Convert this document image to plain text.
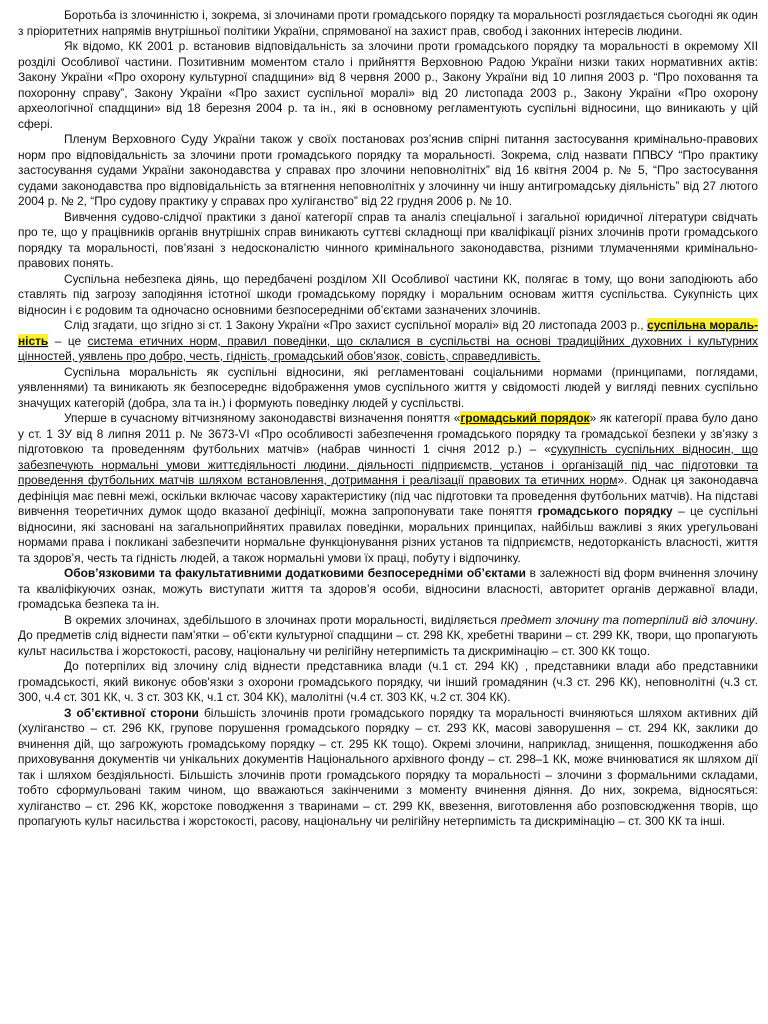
Боротьба із злочинністю і, зокрема, зі злочинами проти громадського порядку та моральності розглядається сьогодні як один з пріоритетних напрямів внутрішньої політики України, спрямованої на захист прав, свобод і законних інтересів людини.

Як відомо, КК 2001 р. встановив відповідальність за злочини проти громадського порядку та моральності в окремому XII розділі Особливої частини. Позитивним моментом стало і прийняття Верховною Радою України низки таких нормативних актів: Закону України «Про охорону культурної спадщини» від 8 червня 2000 р., Закону України від 10 липня 2003 р. “Про поховання та похоронну справу”, Закону України «Про захист суспільної моралі» від 20 листопада 2003 р., Закону України «Про охорону археологічної спадщини» від 18 березня 2004 р. та ін., які в основному регламентують суспільні відносини, що виникають у цій сфері.

Пленум Верховного Суду України також у своїх постановах роз’яснив спірні питання застосування кримінально-правових норм про відповідальність за злочини проти громадського порядку та моральності. Зокрема, слід назвати ППВСУ “Про практику застосування судами України законодавства у справах про злочини неповнолітніх” від 16 квітня 2004 р. № 5, “Про застосування судами законодавства про відповідальність за втягнення неповнолітніх у злочинну чи іншу антигромадську діяльність” від 27 лютого 2004 р. № 2, “Про судову практику у справах про хуліганство” від 22 грудня 2006 р. № 10.

Вивчення судово-слідчої практики з даної категорії справ та аналіз спеціальної і загальної юридичної літератури свідчать про те, що у працівників органів внутрішніх справ виникають суттєві складнощі при кваліфікації різних злочинів проти громадського порядку та моральності, пов’язані з недосконалістю чинного кримінального законодавства, різними тлумаченнями кримінально-правових понять.

Суспільна небезпека діянь, що передбачені розділом XII Особливої частини КК, полягає в тому, що вони заподіюють або ставлять під загрозу заподіяння істотної шкоди громадському порядку і моральним основам життя суспільства. Сукупність цих відносин і є родовим та одночасно основними безпосередніми об’єктами зазначених злочинів.

Слід згадати, що згідно зі ст. 1 Закону України «Про захист суспільної моралі» від 20 листопада 2003 р., суспільна моральність – це система етичних норм, правил поведінки, що склалися в суспільстві на основі традиційних духовних і культурних цінностей, уявлень про добро, честь, гідність, громадський обов’язок, совість, справедливість.

Суспільна моральність як суспільні відносини, які регламентовані соціальними нормами (принципами, поглядами, уявленнями) та виникають як безпосереднє відображення умов суспільного життя у свідомості людей у вигляді певних суспільно значущих категорій (добра, зла та ін.) і формують поведінку людей у суспільстві.

Уперше в сучасному вітчизняному законодавстві визначення поняття «громадський порядок» як категорії права було дано у ст. 1 ЗУ від 8 липня 2011 р. № 3673-VI «Про особливості забезпечення громадського порядку та громадської безпеки у зв’язку з підготовкою та проведенням футбольних матчів» (набрав чинності 1 січня 2012 р.) – «сукупність суспільних відносин, що забезпечують нормальні умови життєдіяльності людини, діяльності підприємств, установ і організацій під час підготовки та проведення футбольних матчів шляхом встановлення, дотримання і реалізації правових та етичних норм». Однак ця законодавча дефініція має певні межі, оскільки включає часову характеристику (під час підготовки та проведення футбольних матчів). На підставі вивчення теоретичних думок щодо вказаної дефініції, можна запропонувати таке поняття громадського порядку – це суспільні відносини, які засновані на загальноприйнятих правилах поведінки, моральних принципах, найбільш важливі з яких урегульовані нормами права і покликані забезпечити нормальне функціонування різних установ та підприємств, недоторканість власності, життя та здоров’я, честь та гідність людей, а також нормальні умови їх праці, побуту і відпочинку.

Обов’язковими та факультативними додатковими безпосередніми об’єктами в залежності від форм вчинення злочину та кваліфікуючих ознак, можуть виступати життя та здоров’я особи, відносини власності, авторитет органів державної влади, громадська безпека та ін.

В окремих злочинах, здебільшого в злочинах проти моральності, виділяється предмет злочину та потерпілий від злочину. До предметів слід віднести пам’ятки – об’єкти культурної спадщини – ст. 298 КК, хребетні тварини – ст. 299 КК, твори, що пропагують культ насильства і жорстокості, расову, національну чи релігійну нетерпимість та дискримінацію – ст. 300 КК тощо.

До потерпілих від злочину слід віднести представника влади (ч.1 ст. 294 КК) , представники влади або представники громадськості, який виконує обов'язки з охорони громадського порядку, чи інший громадянин (ч.3 ст. 296 КК), неповнолітні (ч.3 ст. 300, ч.4 ст. 301 КК, ч. 3 ст. 303 КК, ч.1 ст. 304 КК), малолітні (ч.4 ст. 303 КК, ч.2 ст. 304 КК).

З об’єктивної сторони більшість злочинів проти громадського порядку та моральності вчиняються шляхом активних дій (хуліганство – ст. 296 КК, групове порушення громадського порядку – ст. 293 КК, масові заворушення – ст. 294 КК, заклики до вчинення дій, що загрожують громадському порядку – ст. 295 КК тощо). Окремі злочини, наприклад, знищення, пошкодження або приховування документів чи унікальних документів Національного архівного фонду – ст. 298–1 КК, може вчинюватися як шляхом дії так і шляхом бездіяльності. Більшість злочинів проти громадського порядку та моральності – злочини з формальними складами, тобто сформульовані таким чином, що вважаються закінченими з моменту вчинення діяння. До них, зокрема, відносяться: хуліганство – ст. 296 КК, жорстоке поводження з тваринами – ст. 299 КК, ввезення, виготовлення або розповсюдження творів, що пропагують культ насильства і жорстокості, расову, національну чи релігійну нетерпимість та дискримінацію – ст. 300 КК та інші.
